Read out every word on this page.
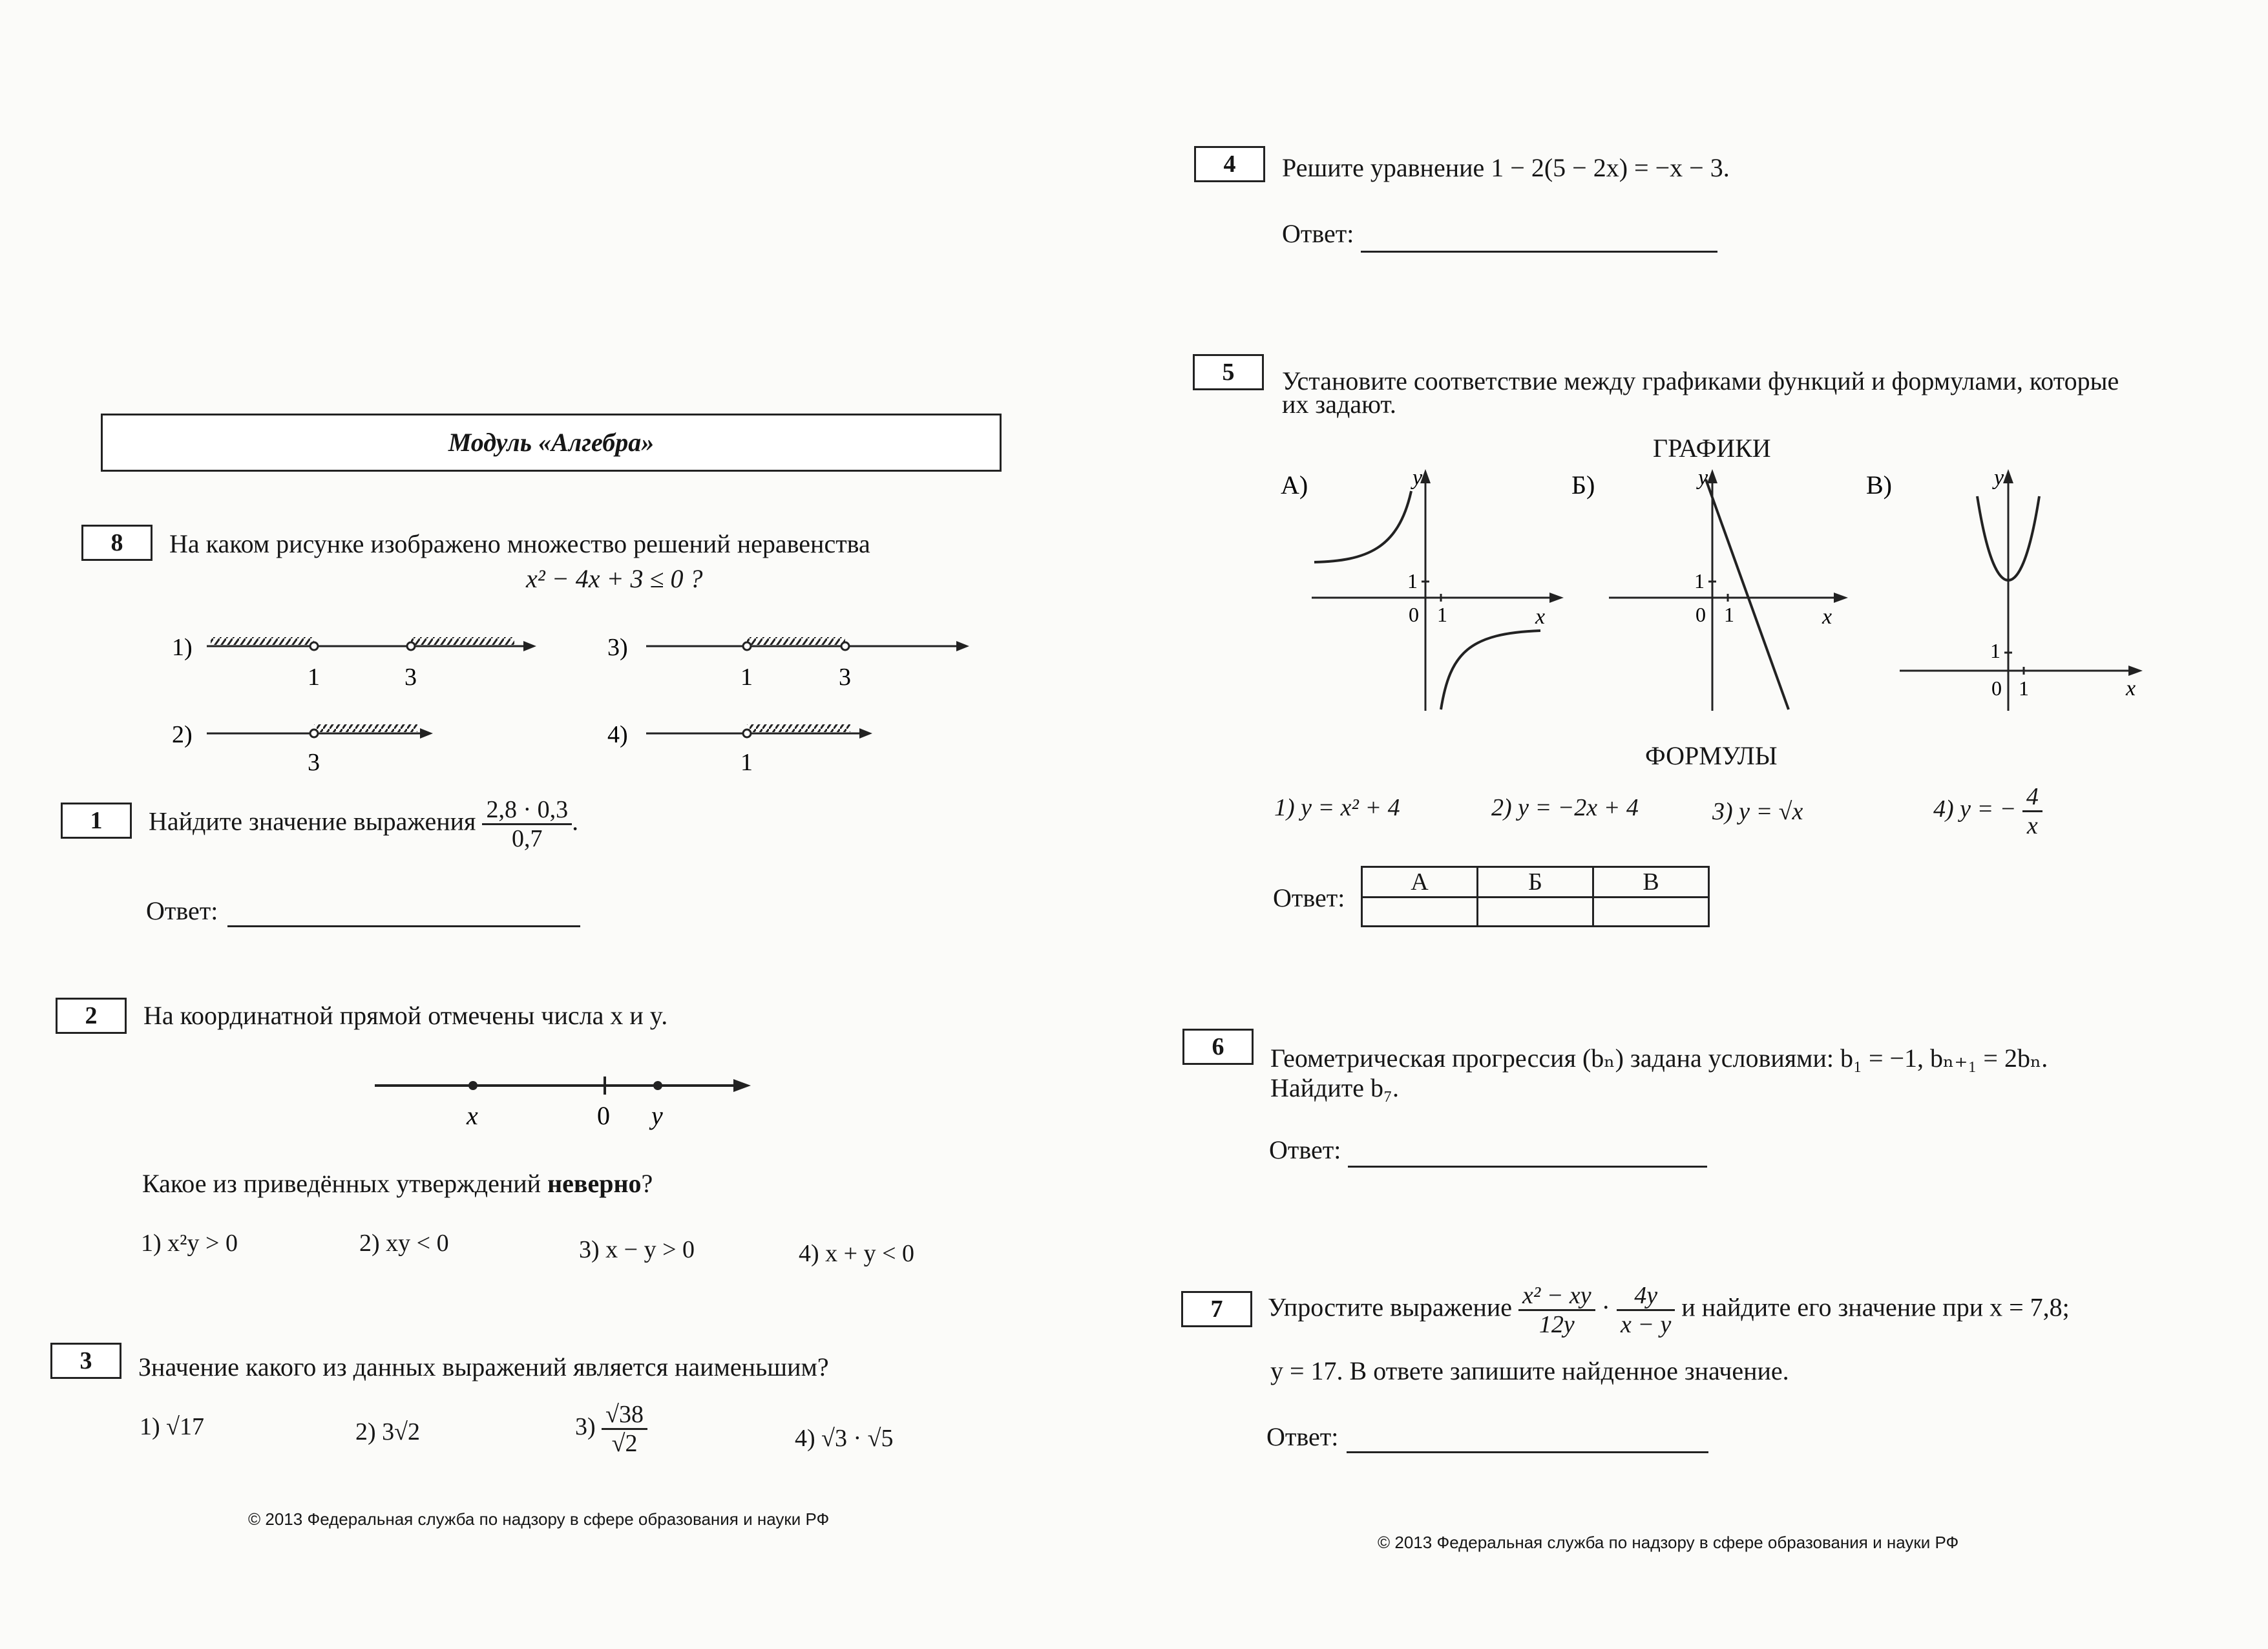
Модуль «Алгебра»
8	На каком рисунке изображено множество решений неравенства
x² − 4x + 3 ≤ 0 ?
1)
1	3
3)
1	3
2)
3
4)
1
1	Найдите значение выражения $\frac{2,8 \cdot 0,3}{0,7}$ .
Ответ:
2	На координатной прямой отмечены числа x и y.
x	0 y
Какое из приведённых утверждений неверно?
1) x²y > 0	2) xy < 0	3) x − y > 0	4) x + y < 0
3	Значение какого из данных выражений является наименьшим?
1) √17	2) 3√2	$3) \frac{√38}{√2}$	4) √3 · √5
© 2013 Федеральная служба по надзору в сфере образования и науки РФ
4	Решите уравнение 1 − 2(5 − 2x) = −x − 3.
Ответ:
5	Установите соответствие между графиками функций и формулами, которые
их задают.
ГРАФИКИ
А)	y
x
1
0 1
Б)	y
x
1
0 1
В)	y
x
1
0 1
ФОРМУЛЫ
1) y = x² + 4	2) y = −2x + 4	3) y = √x	4) y = − $\frac{4}{x}$
Ответ:
А	Б	В

6	Геометрическая прогрессия (bₙ) задана условиями: b₁ = −1, bₙ₊₁ = 2bₙ.
Найдите b₇.
Ответ:
7	Упростите выражение $\frac{\text{x² − xy}}{12y} \cdot \frac{4y}{x - y}$ и найдите его значение при x = 7,8;
y = 17. В ответе запишите найденное значение.
Ответ:
© 2013 Федеральная служба по надзору в сфере образования и науки РФ
